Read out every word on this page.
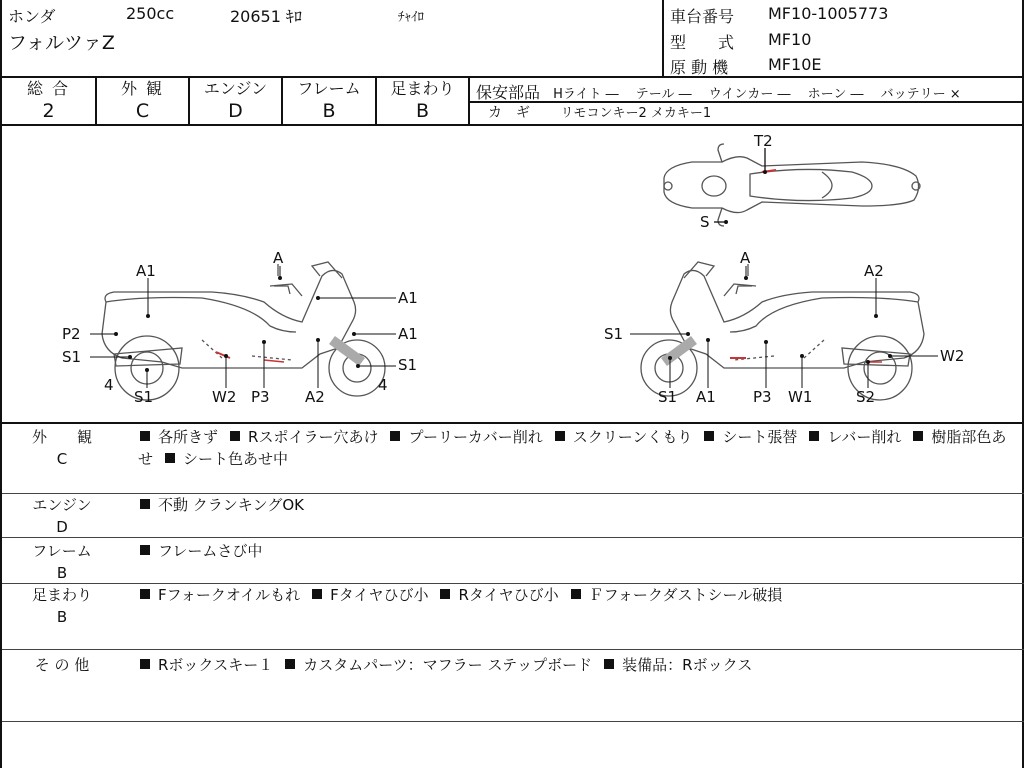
ホンダ	250cc	20651 ｷﾛ	ﾁｬｲﾛ
フォルツァZ
車台番号 MF10-1005773
型　　式 MF10
原 動 機 MF10E
総 合
2
外 観
C
エンジン
D
フレーム
B
足まわり
B
保安部品 Hライト ―　 テール ―　 ウインカー ―　 ホーン ―　 バッテリー ×
カ　ギ リモコンキー2 メカキー1
T2
S
A
A1
A1
A1
P2
S1	S1
4
S1	W2 P3 A2
4
A
A2
S1
W2
S1 A1 P3 W1	S2
外　　観
C
各所きず Rスポイラー穴あけ プーリーカバー削れ スクリーンくもり シート張替 レバー削れ 樹脂部色あせ シート色あせ中
エンジン
D
不動 クランキングOK
フレーム
B
フレームさび中
足まわり
B
Fフォークオイルもれ Fタイヤひび小 Rタイヤひび小 Ｆフォークダストシール破損
そ の 他	Rボックスキー１ カスタムパーツ：マフラー ステップボード 装備品：Rボックス
